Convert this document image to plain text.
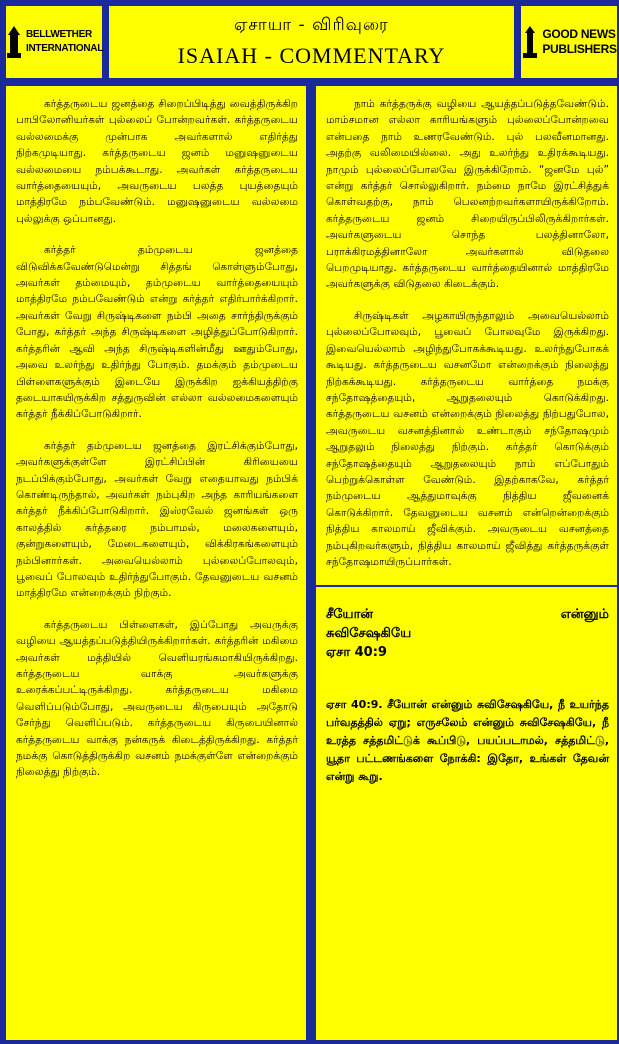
BELLWETHER
INTERNATIONAL
ஏசாயா - விரிவுரை
ISAIAH - COMMENTARY
GOOD NEWS
PUBLISHERS

கர்த்தருடைய ஜனத்தை சிறைப்பிடித்து வைத்திருக்கிற பாபிலோனியர்கள் புல்லைப் போன்றவர்கள். கர்த்தருடைய வல்லமைக்கு முன்பாக அவர்களால் எதிர்த்து நிற்கமுடியாது. கர்த்தருடைய ஜனம் மனுஷனுடைய வல்லமையை நம்பக்கூடாது. அவர்கள் கர்த்தருடைய வார்த்தையையும், அவருடைய பலத்த புயத்தையும் மாத்திரமே நம்பவேண்டும். மனுஷனுடைய வல்லமை புல்லுக்கு ஒப்பானது.

கர்த்தர் தம்முடைய ஜனத்தை விடுவிக்கவேண்டுமென்று சித்தங் கொள்ளும்போது, அவர்கள் தம்மையும், தம்முடைய வார்த்தையையும் மாத்திரமே நம்பவேண்டும் என்று கர்த்தர் எதிர்பார்க்கிறார். அவர்கள் வேறு சிருஷ்டிகளை நம்பி அதை சார்ந்திருக்கும் போது, கர்த்தர் அந்த சிருஷ்டிகளை அழித்துப்போடுகிறார். கர்த்தரின் ஆவி அந்த சிருஷ்டிகளின்மீது ஊதும்போது, அவை உலர்ந்து உதிர்ந்து போகும். தமக்கும் தம்முடைய பிள்ளைகளுக்கும் இடையே இருக்கிற ஐக்கியத்திற்கு தடையாகயிருக்கிற சத்துருவின் எல்லா வல்லமைகளையும் கர்த்தர் நீக்கிப்போடுகிறார்.

கர்த்தர் தம்முடைய ஜனத்தை இரட்சிக்கும்போது, அவர்களுக்குள்ளே இரட்சிப்பின் கிரியையை நடப்பிக்கும்போது, அவர்கள் வேறு எதையாவது நம்பிக் கொண்டிருந்தால், அவர்கள் நம்புகிற அந்த காரியங்களை கர்த்தர் நீக்கிப்போடுகிறார். இஸ்ரவேல் ஜனங்கள் ஒரு காலத்தில் கர்த்தரை நம்பாமல், மலைகளையும், குன்றுகளையும், மேடைகளையும், விக்கிரகங்களையும் நம்பினார்கள். அவையெல்லாம் புல்லைப்போலவும், பூவைப் போலவும் உதிர்ந்துபோகும். தேவனுடைய வசனம் மாத்திரமே என்றைக்கும் நிற்கும்.

கர்த்தருடைய பிள்ளைகள், இப்போது அவருக்கு வழியை ஆயத்தப்படுத்தியிருக்கிறார்கள். கர்த்தரின் மகிமை அவர்கள் மத்தியில் வெளியரங்கமாகியிருக்கிறது. கர்த்தருடைய வாக்கு அவர்களுக்கு உரைக்கப்பட்டிருக்கிறது. கர்த்தருடைய மகிமை வெளிப்படும்போது, அவருடைய கிருபையும் அதோடு சேர்ந்து வெளிப்படும். கர்த்தருடைய கிருபையினால் கர்த்தருடைய வாக்கு நன்கருக் கிடைத்திருக்கிறது. கர்த்தர் நமக்கு கொடுத்திருக்கிற வசனம் நமக்குள்ளே என்றைக்கும் நிலைத்து நிற்கும்.

நாம் கர்த்தருக்கு வழியை ஆயத்தப்படுத்தவேண்டும். மாம்சமான எல்லா காரியங்களும் புல்லைப்போன்றவை என்பதை நாம் உணரவேண்டும். புல் பலவீனமானது. அதற்கு வலிமையில்லை. அது உலர்ந்து உதிரக்கூடியது. நாமும் புல்லைப்போலவே இருக்கிறோம். “ஜனமே புல்” என்று கர்த்தர் சொல்லுகிறார். நம்மை நாமே இரட்சித்துக் கொள்வதற்கு, நாம் பெலனற்றவர்களாயிருக்கிறோம். கர்த்தருடைய ஜனம் சிறையிருப்பிலிருக்கிறார்கள். அவர்களுடைய சொந்த பலத்தினாலோ, பராக்கிரமத்தினாலோ அவர்களால் விடுதலை பெறமுடியாது. கர்த்தருடைய வார்த்தையினால் மாத்திரமே அவர்களுக்கு விடுதலை கிடைக்கும்.

சிருஷ்டிகள் அழகாயிருந்தாலும் அவையெல்லாம் புல்லைப்போலவும், பூவைப் போலவுமே இருக்கிறது. இவையெல்லாம் அழிந்துபோகக்கூடியது. உலர்ந்துபோகக் கூடியது. கர்த்தருடைய வசனமோ என்றைக்கும் நிலைத்து நிற்கக்கூடியது. கர்த்தருடைய வார்த்தை நமக்கு சந்தோஷத்தையும், ஆறுதலையும் கொடுக்கிறது. கர்த்தருடைய வசனம் என்றைக்கும் நிலைத்து நிற்பதுபோல, அவருடைய வசனத்தினால் உண்டாகும் சந்தோஷமும் ஆறுதலும் நிலைத்து நிற்கும். கர்த்தர் கொடுக்கும் சந்தோஷத்தையும் ஆறுதலையும் நாம் எப்போதும் பெற்றுக்கொள்ள வேண்டும். இதற்காகவே, கர்த்தர் நம்முடைய ஆத்துமாவுக்கு நித்திய ஜீவனைக் கொடுக்கிறார். தேவனுடைய வசனம் என்றென்றைக்கும் நித்திய காலமாய் ஜீவிக்கும். அவருடைய வசனத்தை நம்புகிறவர்களும், நித்திய காலமாய் ஜீவித்து கர்த்தருக்குள் சந்தோஷமாயிருப்பார்கள்.

சீயோன்	என்னும்
சுவிசேஷகியே
ஏசா 40:9
ஏசா 40:9. சீயோன் என்னும் சுவிசேஷகியே, நீ உயர்ந்த பர்வதத்தில் ஏறு; எருசலேம் என்னும் சுவிசேஷகியே, நீ உரத்த சத்தமிட்டுக் கூப்பிடு, பயப்படாமல், சத்தமிட்டு, யூதா பட்டணங்களை நோக்கி: இதோ, உங்கள் தேவன் என்று கூறு.
